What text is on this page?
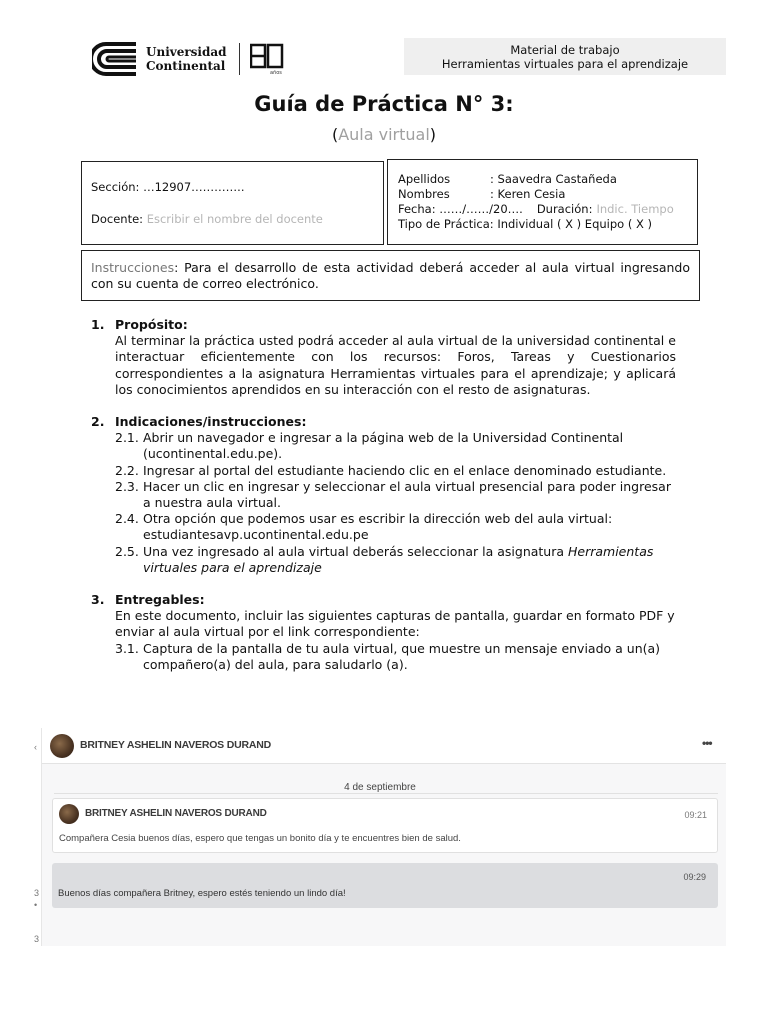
Universidad
Continental	años
Material de trabajo
Herramientas virtuales para el aprendizaje
Guía de Práctica N° 3:
(Aula virtual)
Sección: …12907…………..
Docente: Escribir el nombre del docente
Apellidos	: Saavedra Castañeda
Nombres	: Keren Cesia
Fecha : ……/……/20…. Duración: Indic. Tiempo
Tipo de Práctica: Individual ( X ) Equipo ( X )
Instrucciones: Para el desarrollo de esta actividad deberá acceder al aula virtual ingresando con su cuenta de correo electrónico.
1. Propósito:
Al terminar la práctica usted podrá acceder al aula virtual de la universidad continental e interactuar eficientemente con los recursos: Foros, Tareas y Cuestionarios correspondientes a la asignatura Herramientas virtuales para el aprendizaje; y aplicará los conocimientos aprendidos en su interacción con el resto de asignaturas.
2. Indicaciones/instrucciones:
2.1. Abrir un navegador e ingresar a la página web de la Universidad Continental (ucontinental.edu.pe).
2.2. Ingresar al portal del estudiante haciendo clic en el enlace denominado estudiante.
2.3. Hacer un clic en ingresar y seleccionar el aula virtual presencial para poder ingresar a nuestra aula virtual.
2.4. Otra opción que podemos usar es escribir la dirección web del aula virtual: estudiantesavp.ucontinental.edu.pe
2.5. Una vez ingresado al aula virtual deberás seleccionar la asignatura Herramientas virtuales para el aprendizaje
3. Entregables:
En este documento, incluir las siguientes capturas de pantalla, guardar en formato PDF y enviar al aula virtual por el link correspondiente:
3.1. Captura de la pantalla de tu aula virtual, que muestre un mensaje enviado a un(a) compañero(a) del aula, para saludarlo (a).
BRITNEY ASHELIN NAVEROS DURAND	•••
‹
3
•
3
4 de septiembre
BRITNEY ASHELIN NAVEROS DURAND	09:21
Compañera Cesia buenos días, espero que tengas un bonito día y te encuentres bien de salud.
09:29
Buenos días compañera Britney, espero estés teniendo un lindo día!
